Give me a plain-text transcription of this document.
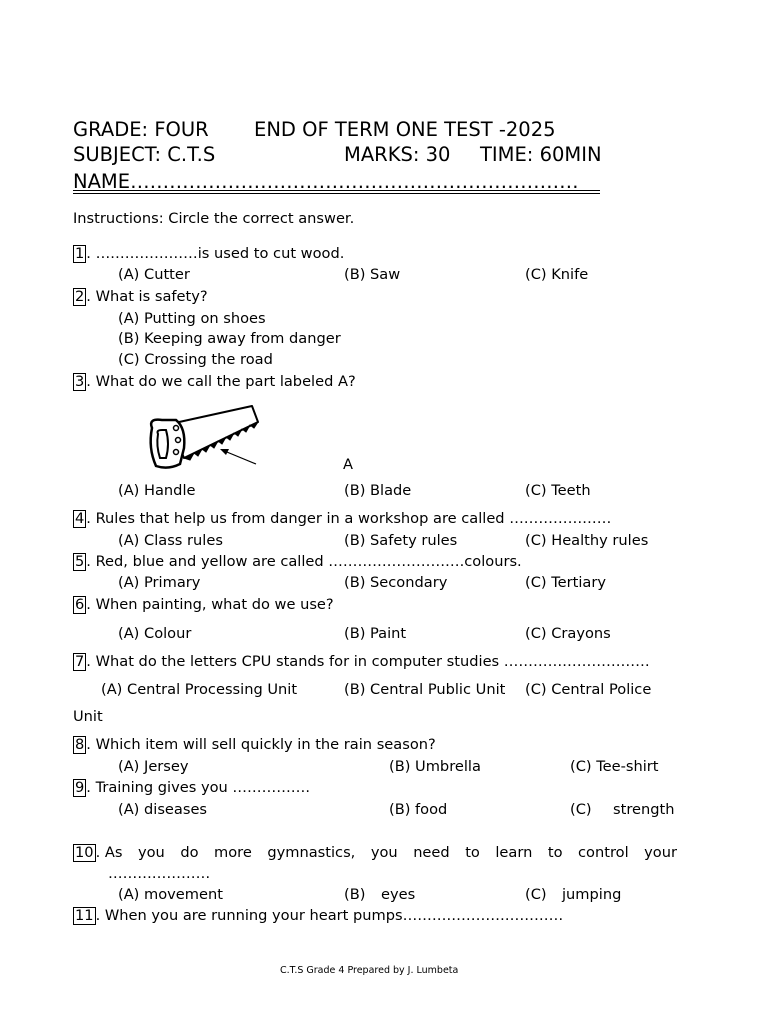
GRADE: FOUR END OF TERM ONE TEST -2025
SUBJECT: C.T.S	MARKS: 30 TIME: 60MIN
NAME……………………………………………………………
Instructions: Circle the correct answer.
1 . …………………is used to cut wood.
(A) Cutter	(B) Saw	(C) Knife
2 . What is safety?
(A) Putting on shoes
(B) Keeping away from danger
(C) Crossing the road
3 . What do we call the part labeled A?
A
(A) Handle	(B) Blade	(C) Teeth
4 . Rules that help us from danger in a workshop are called …………………
(A) Class rules	(B) Safety rules	(C) Healthy rules
5 . Red, blue and yellow are called ……………………….colours.
(A) Primary	(B) Secondary	(C) Tertiary
6 . When painting, what do we use?
(A) Colour	(B) Paint	(C) Crayons
7 . What do the letters CPU stands for in computer studies …………………………
(A) Central Processing Unit	(B) Central Public Unit (C) Central Police
Unit
8 . Which item will sell quickly in the rain season?
(A) Jersey	(B) Umbrella	(C) Tee-shirt
9 . Training gives you …………….
(A) diseases	(B) food	(C) strength
10 . As you do more gymnastics, you need to learn to control your
…………………
(A) movement	(B) eyes	(C) jumping
11 . When you are running your heart pumps……………………………
C.T.S Grade 4 Prepared by J. Lumbeta
